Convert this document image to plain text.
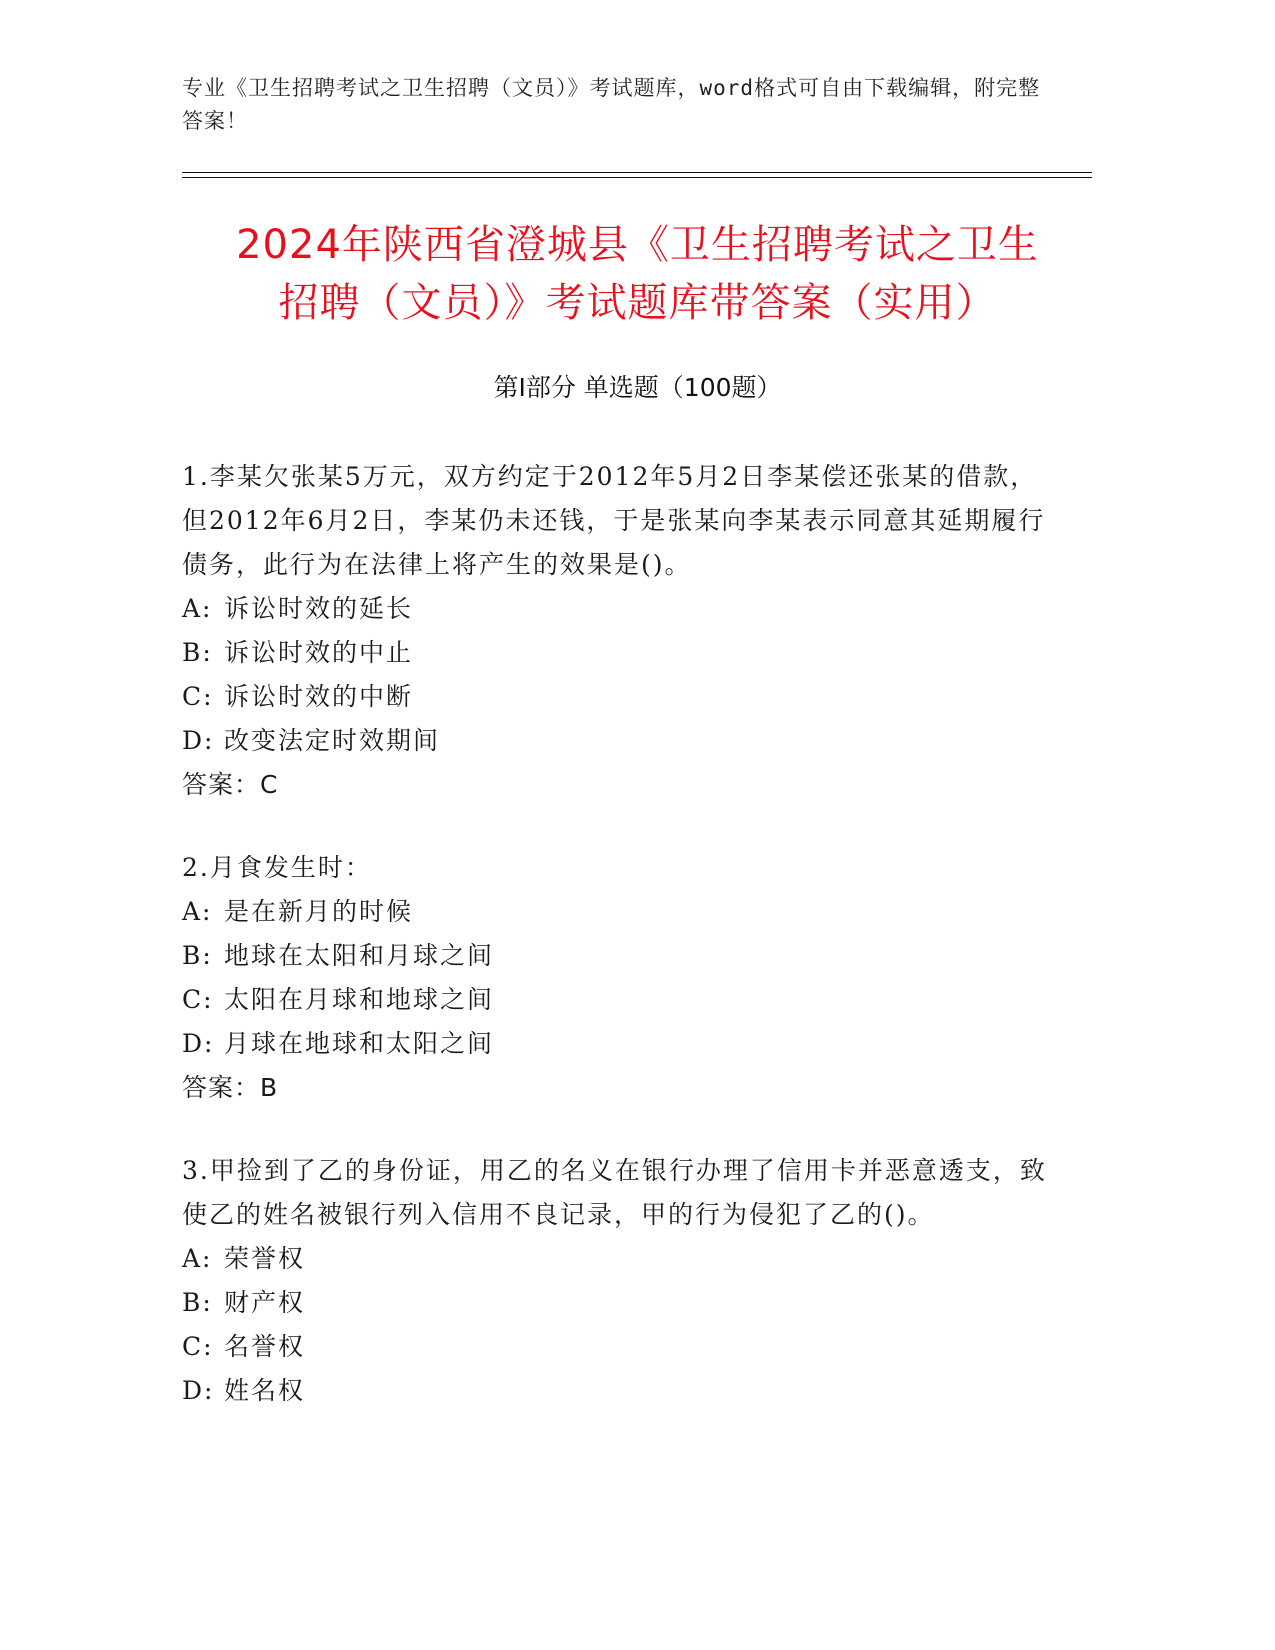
专业《卫生招聘考试之卫生招聘（文员）》考试题库，word格式可自由下载编辑，附完整答案！
2024年陕西省澄城县《卫生招聘考试之卫生
招聘（文员）》考试题库带答案（实用）
第Ⅰ部分 单选题（100题）

1.李某欠张某5万元，双方约定于2012年5月2日李某偿还张某的借款，但2012年6月2日，李某仍未还钱，于是张某向李某表示同意其延期履行债务，此行为在法律上将产生的效果是()。

A: 诉讼时效的延长

B: 诉讼时效的中止

C: 诉讼时效的中断

D: 改变法定时效期间

答案：C

2.月食发生时：

A: 是在新月的时候

B: 地球在太阳和月球之间

C: 太阳在月球和地球之间

D: 月球在地球和太阳之间

答案：B

3.甲捡到了乙的身份证，用乙的名义在银行办理了信用卡并恶意透支，致使乙的姓名被银行列入信用不良记录，甲的行为侵犯了乙的()。

A: 荣誉权

B: 财产权

C: 名誉权

D: 姓名权
